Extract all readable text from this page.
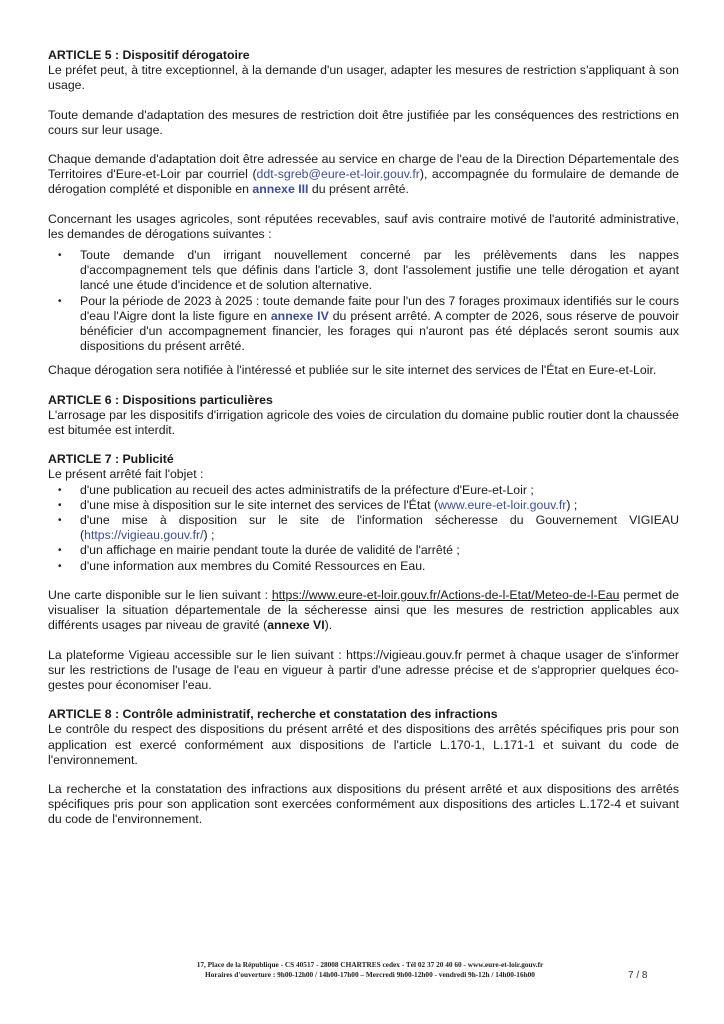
ARTICLE 5 : Dispositif dérogatoire

Le préfet peut, à titre exceptionnel, à la demande d'un usager, adapter les mesures de restriction s'appliquant à son usage.

Toute demande d'adaptation des mesures de restriction doit être justifiée par les conséquences des restrictions en cours sur leur usage.

Chaque demande d'adaptation doit être adressée au service en charge de l'eau de la Direction Départementale des Territoires d'Eure-et-Loir par courriel (ddt-sgreb@eure-et-loir.gouv.fr), accompagnée du formulaire de demande de dérogation complété et disponible en annexe III du présent arrêté.

Concernant les usages agricoles, sont réputées recevables, sauf avis contraire motivé de l'autorité administrative, les demandes de dérogations suivantes :

• Toute demande d'un irrigant nouvellement concerné par les prélèvements dans les nappes d'accompagnement tels que définis dans l'article 3, dont l'assolement justifie une telle dérogation et ayant lancé une étude d'incidence et de solution alternative.
• Pour la période de 2023 à 2025 : toute demande faite pour l'un des 7 forages proximaux identifiés sur le cours d'eau l'Aigre dont la liste figure en annexe IV du présent arrêté. A compter de 2026, sous réserve de pouvoir bénéficier d'un accompagnement financier, les forages qui n'auront pas été déplacés seront soumis aux dispositions du présent arrêté.

Chaque dérogation sera notifiée à l'intéressé et publiée sur le site internet des services de l'État en Eure-et-Loir.

ARTICLE 6 : Dispositions particulières

L'arrosage par les dispositifs d'irrigation agricole des voies de circulation du domaine public routier dont la chaussée est bitumée est interdit.

ARTICLE 7 : Publicité

Le présent arrêté fait l'objet :

• d'une publication au recueil des actes administratifs de la préfecture d'Eure-et-Loir ;
• d'une mise à disposition sur le site internet des services de l'État (www.eure-et-loir.gouv.fr) ;
• d'une mise à disposition sur le site de l'information sécheresse du Gouvernement VIGIEAU (https://vigieau.gouv.fr/) ;
• d'un affichage en mairie pendant toute la durée de validité de l'arrêté ;
• d'une information aux membres du Comité Ressources en Eau.

Une carte disponible sur le lien suivant : https://www.eure-et-loir.gouv.fr/Actions-de-l-Etat/Meteo-de-l-Eau permet de visualiser la situation départementale de la sécheresse ainsi que les mesures de restriction applicables aux différents usages par niveau de gravité (annexe VI).

La plateforme Vigieau accessible sur le lien suivant : https://vigieau.gouv.fr permet à chaque usager de s'informer sur les restrictions de l'usage de l'eau en vigueur à partir d'une adresse précise et de s'approprier quelques éco-gestes pour économiser l'eau.

ARTICLE 8 : Contrôle administratif, recherche et constatation des infractions

Le contrôle du respect des dispositions du présent arrêté et des dispositions des arrêtés spécifiques pris pour son application est exercé conformément aux dispositions de l'article L.170-1, L.171-1 et suivant du code de l'environnement.

La recherche et la constatation des infractions aux dispositions du présent arrêté et aux dispositions des arrêtés spécifiques pris pour son application sont exercées conformément aux dispositions des articles L.172-4 et suivant du code de l'environnement.

17, Place de la République - CS 40517 - 28008 CHARTRES cedex - Tél 02 37 20 40 60 - www.eure-et-loir.gouv.fr
Horaires d'ouverture : 9h00-12h00 / 14h00-17h00 – Mercredi 9h00-12h00 - vendredi 9h-12h / 14h00-16h00	7 / 8
